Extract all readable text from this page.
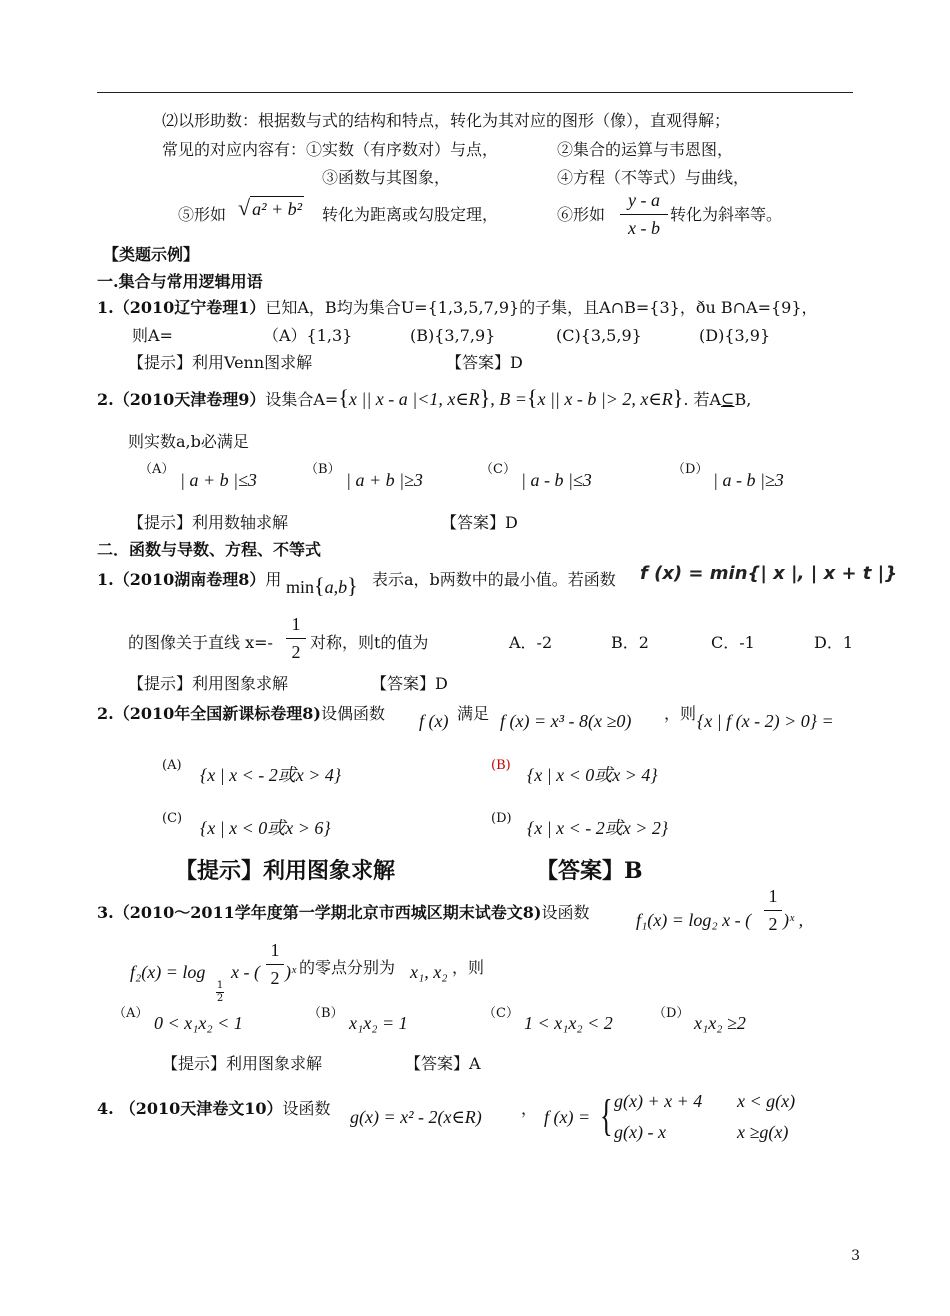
⑵以形助数：根据数与式的结构和特点，转化为其对应的图形（像），直观得解；
常见的对应内容有：①实数（有序数对）与点，	②集合的运算与韦恩图，
③函数与其图象，	④方程（不等式）与曲线，
⑤形如 √ a² + b² 转化为距离或勾股定理，	⑥形如
y - a
x - b
转化为斜率等。
【类题示例】
一.集合与常用逻辑用语
1.（2010辽宁卷理1）已知A，B均为集合U={1,3,5,7,9}的子集，且A∩B={3}，ðu B∩A={9}，
则A=	（A）{1,3}	(B){3,7,9}	(C){3,5,9}	(D){3,9}
【提示】利用Venn图求解	【答案】D
2.（2010天津卷理9）设集合A={x || x - a |<1, x∈R}, B ={x || x - b |> 2, x∈R}. 若A⊆B,
则实数a,b必满足
（A）
| a + b |≤3
（B）
| a + b |≥3
（C）
| a - b |≤3
（D）
| a - b |≥3
【提示】利用数轴求解	【答案】D
二．函数与导数、方程、不等式
1.（2010湖南卷理8）用 min{a,b} 表示a，b两数中的最小值。若函数 f (x) = min{| x |, | x + t |}
的图像关于直线 x=-
1
2 对称，则t的值为	A．-2	B．2	C．-1	D．1
【提示】利用图象求解	【答案】D
2.（2010年全国新课标卷理8)设偶函数 f (x) 满足 f (x) = x³ - 8(x ≥0) ，则 {x | f (x - 2) > 0} =
(A) {x | x < - 2或x > 4}	(B) {x | x < 0或x > 4}
(C) {x | x < 0或x > 6}	(D) {x | x < - 2或x > 2}
【提示】利用图象求解	【答案】B
3.（2010～2011学年度第一学期北京市西城区期末试卷文8)设函数	f₁(x) = log₂ x - (
1
2 )ˣ ,
f₂(x) = log
1
2
x - (
1
2 )ˣ 的零点分别为 x₁, x₂ ，则
（A） 0 < x₁x₂ < 1	（B） x₁x₂ = 1	（C） 1 < x₁x₂ < 2	（D） x₁x₂ ≥2
【提示】利用图象求解	【答案】A
4. （2010天津卷文10）设函数 g(x) = x² - 2(x∈R) ， f (x) = { g(x) + x + 4 x < g(x)
g(x) - x	x ≥g(x)
3
